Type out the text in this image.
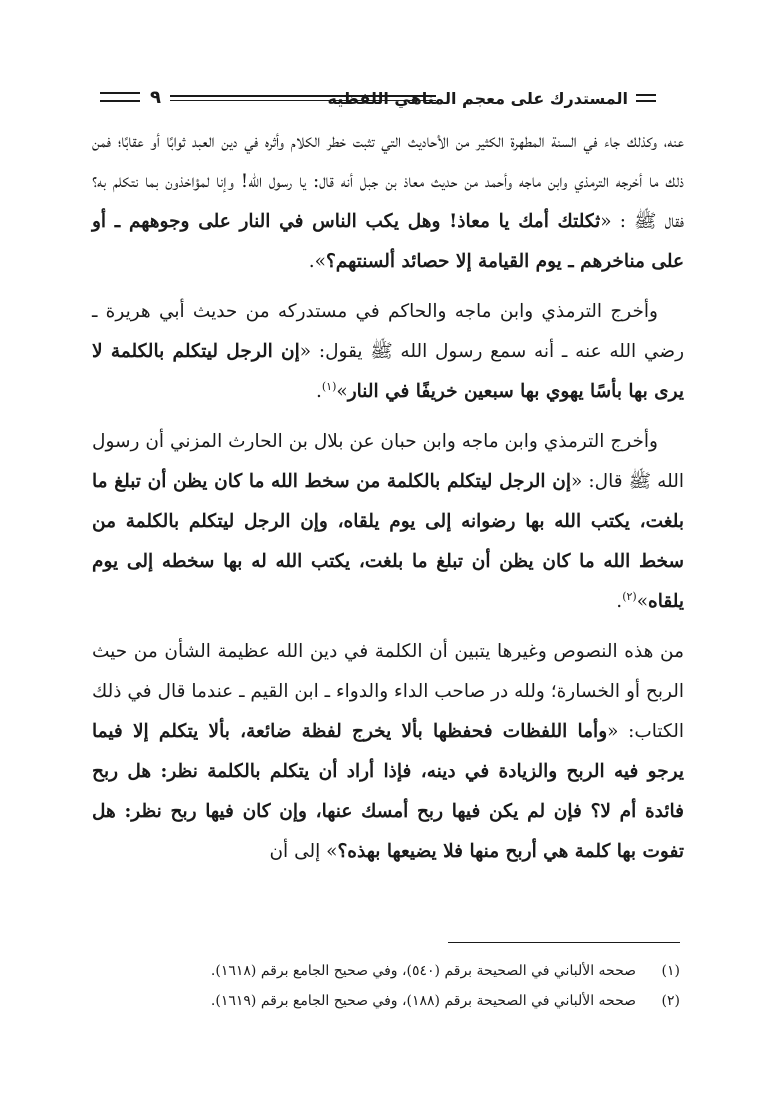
المستدرك على معجم المناهي اللفظية
٩

عنه، وكذلك جاء في السنة المطهرة الكثير من الأحاديث التي تثبت خطر الكلام وأثره في دين العبد ثوابًا أو عقابًا؛ فمن ذلك ما أخرجه الترمذي وابن ماجه وأحمد من حديث معاذ بن جبل أنه قال: يا رسول الله! وإنا لمؤاخذون بما نتكلم به؟ فقال ﷺ : «ثكلتك أمك يا معاذ! وهل يكب الناس في النار على وجوههم ـ أو على مناخرهم ـ يوم القيامة إلا حصائد ألسنتهم؟».

وأخرج الترمذي وابن ماجه والحاكم في مستدركه من حديث أبي هريرة ـ رضي الله عنه ـ أنه سمع رسول الله ﷺ يقول: «إن الرجل ليتكلم بالكلمة لا يرى بها بأسًا يهوي بها سبعين خريفًا في النار»$^{(١)}$.

وأخرج الترمذي وابن ماجه وابن حبان عن بلال بن الحارث المزني أن رسول الله ﷺ قال: «إن الرجل ليتكلم بالكلمة من سخط الله ما كان يظن أن تبلغ ما بلغت، يكتب الله بها رضوانه إلى يوم يلقاه، وإن الرجل ليتكلم بالكلمة من سخط الله ما كان يظن أن تبلغ ما بلغت، يكتب الله له بها سخطه إلى يوم يلقاه»$^{(٢)}$.

من هذه النصوص وغيرها يتبين أن الكلمة في دين الله عظيمة الشأن من حيث الربح أو الخسارة؛ ولله در صاحب الداء والدواء ـ ابن القيم ـ عندما قال في ذلك الكتاب: «وأما اللفظات فحفظها بألا يخرج لفظة ضائعة، بألا يتكلم إلا فيما يرجو فيه الربح والزيادة في دينه، فإذا أراد أن يتكلم بالكلمة نظر: هل ربح فائدة أم لا؟ فإن لم يكن فيها ربح أمسك عنها، وإن كان فيها ربح نظر: هل تفوت بها كلمة هي أربح منها فلا يضيعها بهذه؟» إلى أن

(١)
صححه الألباني في الصحيحة برقم (٥٤٠)، وفي صحيح الجامع برقم (١٦١٨).
(٢)
صححه الألباني في الصحيحة برقم (١٨٨)، وفي صحيح الجامع برقم (١٦١٩).
